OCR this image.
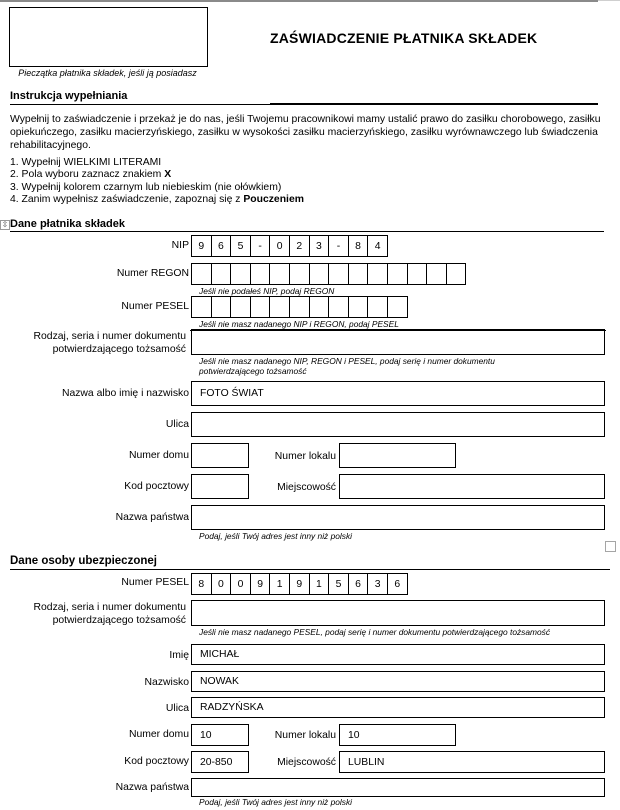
Pieczątka płatnika składek, jeśli ją posiadasz
ZAŚWIADCZENIE PŁATNIKA SKŁADEK
Instrukcja wypełniania
Wypełnij to zaświadczenie i przekaż je do nas, jeśli Twojemu pracownikowi mamy ustalić prawo do zasiłku chorobowego, zasiłku opiekuńczego, zasiłku macierzyńskiego, zasiłku w wysokości zasiłku macierzyńskiego, zasiłku wyrównawczego lub świadczenia rehabilitacyjnego.
1. Wypełnij WIELKIMI LITERAMI
2. Pola wyboru zaznacz znakiem X
3. Wypełnij kolorem czarnym lub niebieskim (nie ołówkiem)
4. Zanim wypełnisz zaświadczenie, zapoznaj się z Pouczeniem
⇳ Dane płatnika składek
NIP 9	6	5	-	0	2	3	-	8	4
Numer REGON
Jeśli nie podałeś NIP, podaj REGON
Numer PESEL
Jeśli nie masz nadanego NIP i REGON, podaj PESEL
Rodzaj, seria i numer dokumentu
potwierdzającego tożsamość
Jeśli nie masz nadanego NIP, REGON i PESEL, podaj serię i numer dokumentu
potwierdzającego tożsamość
Nazwa albo imię i nazwisko	FOTO ŚWIAT
Ulica
Numer domu	Numer lokalu
Kod pocztowy	Miejscowość
Nazwa państwa
Podaj, jeśli Twój adres jest inny niż polski
Dane osoby ubezpieczonej
Numer PESEL 8	0	0	9	1	9	1	5	6	3	6
Rodzaj, seria i numer dokumentu
potwierdzającego tożsamość
Jeśli nie masz nadanego PESEL, podaj serię i numer dokumentu potwierdzającego tożsamość
Imię	MICHAŁ
Nazwisko	NOWAK
Ulica	RADZYŃSKA
Numer domu	10	Numer lokalu	10
Kod pocztowy	20-850	Miejscowość	LUBLIN
Nazwa państwa
Podaj, jeśli Twój adres jest inny niż polski
